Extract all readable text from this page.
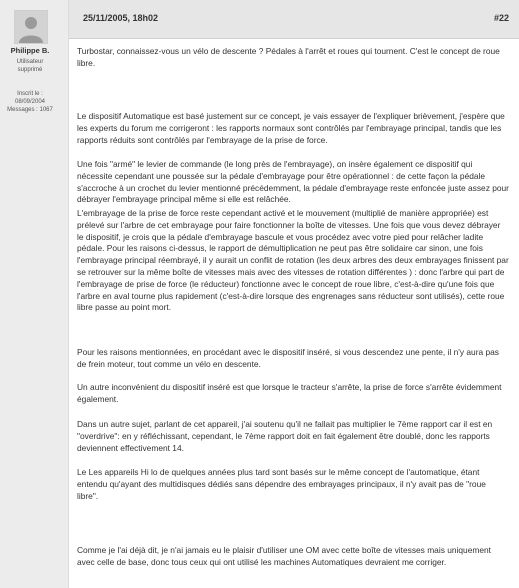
Philippe B.
Utilisateur
supprimé
Inscrit le :
08/09/2004
Messages : 1067
25/11/2005, 18h02	#22

Turbostar, connaissez-vous un vélo de descente ? Pédales à l'arrêt et roues qui tournent. C'est le concept de roue libre.

Le dispositif Automatique est basé justement sur ce concept, je vais essayer de l'expliquer brièvement, j'espère que les experts du forum me corrigeront : les rapports normaux sont contrôlés par l'embrayage principal, tandis que les rapports réduits sont contrôlés par l'embrayage de la prise de force.

Une fois "armé" le levier de commande (le long près de l'embrayage), on insère également ce dispositif qui nécessite cependant une poussée sur la pédale d'embrayage pour être opérationnel : de cette façon la pédale s'accroche à un crochet du levier mentionné précédemment, la pédale d'embrayage reste enfoncée juste assez pour débrayer l'embrayage principal même si elle est relâchée.

L'embrayage de la prise de force reste cependant activé et le mouvement (multiplié de manière appropriée) est prélevé sur l'arbre de cet embrayage pour faire fonctionner la boîte de vitesses. Une fois que vous devez débrayer le dispositif, je crois que la pédale d'embrayage bascule et vous procédez avec votre pied pour relâcher ladite pédale. Pour les raisons ci-dessus, le rapport de démultiplication ne peut pas être solidaire car sinon, une fois l'embrayage principal réembrayé, il y aurait un conflit de rotation (les deux arbres des deux embrayages finissent par se retrouver sur la même boîte de vitesses mais avec des vitesses de rotation différentes ) : donc l'arbre qui part de l'embrayage de prise de force (le réducteur) fonctionne avec le concept de roue libre, c'est-à-dire qu'une fois que l'arbre en aval tourne plus rapidement (c'est-à-dire lorsque des engrenages sans réducteur sont utilisés), cette roue libre passe au point mort.

Pour les raisons mentionnées, en procédant avec le dispositif inséré, si vous descendez une pente, il n'y aura pas de frein moteur, tout comme un vélo en descente.

Un autre inconvénient du dispositif inséré est que lorsque le tracteur s'arrête, la prise de force s'arrête évidemment également.

Dans un autre sujet, parlant de cet appareil, j'ai soutenu qu'il ne fallait pas multiplier le 7ème rapport car il est en "overdrive": en y réfléchissant, cependant, le 7ème rapport doit en fait également être doublé, donc les rapports deviennent effectivement 14.

Le Les appareils Hi lo de quelques années plus tard sont basés sur le même concept de l'automatique, étant entendu qu'ayant des multidisques dédiés sans dépendre des embrayages principaux, il n'y avait pas de "roue libre".

Comme je l'ai déjà dit, je n'ai jamais eu le plaisir d'utiliser une OM avec cette boîte de vitesses mais uniquement avec celle de base, donc tous ceux qui ont utilisé les machines Automatiques devraient me corriger.
